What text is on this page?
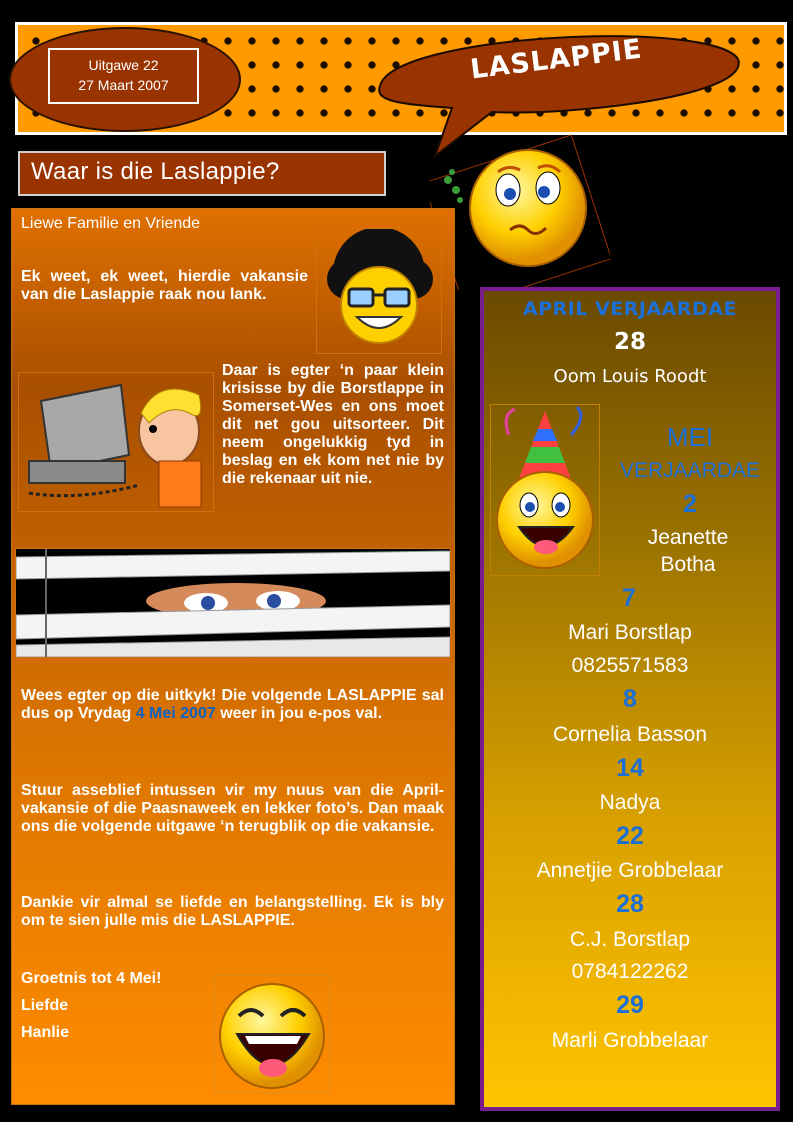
Uitgawe 22
27 Maart 2007	LASLAPPIE
Waar is die Laslappie?
Liewe Familie en Vriende
Ek weet, ek weet, hierdie vakansie van die Laslappie raak nou lank.
Daar is egter ‘n paar klein krisisse by die Borstlappe in Somerset-Wes en ons moet dit net gou uitsorteer. Dit neem ongelukkig tyd in beslag en ek kom net nie by die rekenaar uit nie.
Wees egter op die uitkyk! Die volgende LASLAPPIE sal dus op Vrydag 4 Mei 2007 weer in jou e-pos val.
Stuur asseblief intussen vir my nuus van die April-vakansie of die Paasnaweek en lekker foto’s. Dan maak ons die volgende uitgawe ‘n terugblik op die vakansie.
Dankie vir almal se liefde en belangstelling. Ek is bly om te sien julle mis die LASLAPPIE.
Groetnis tot 4 Mei!
Liefde
Hanlie
APRIL VERJAARDAE
28
Oom Louis Roodt
MEI
VERJAARDAE
2
Jeanette
Botha
7
Mari Borstlap
0825571583
8
Cornelia Basson
14
Nadya
22
Annetjie Grobbelaar
28
C.J. Borstlap
0784122262
29
Marli Grobbelaar
